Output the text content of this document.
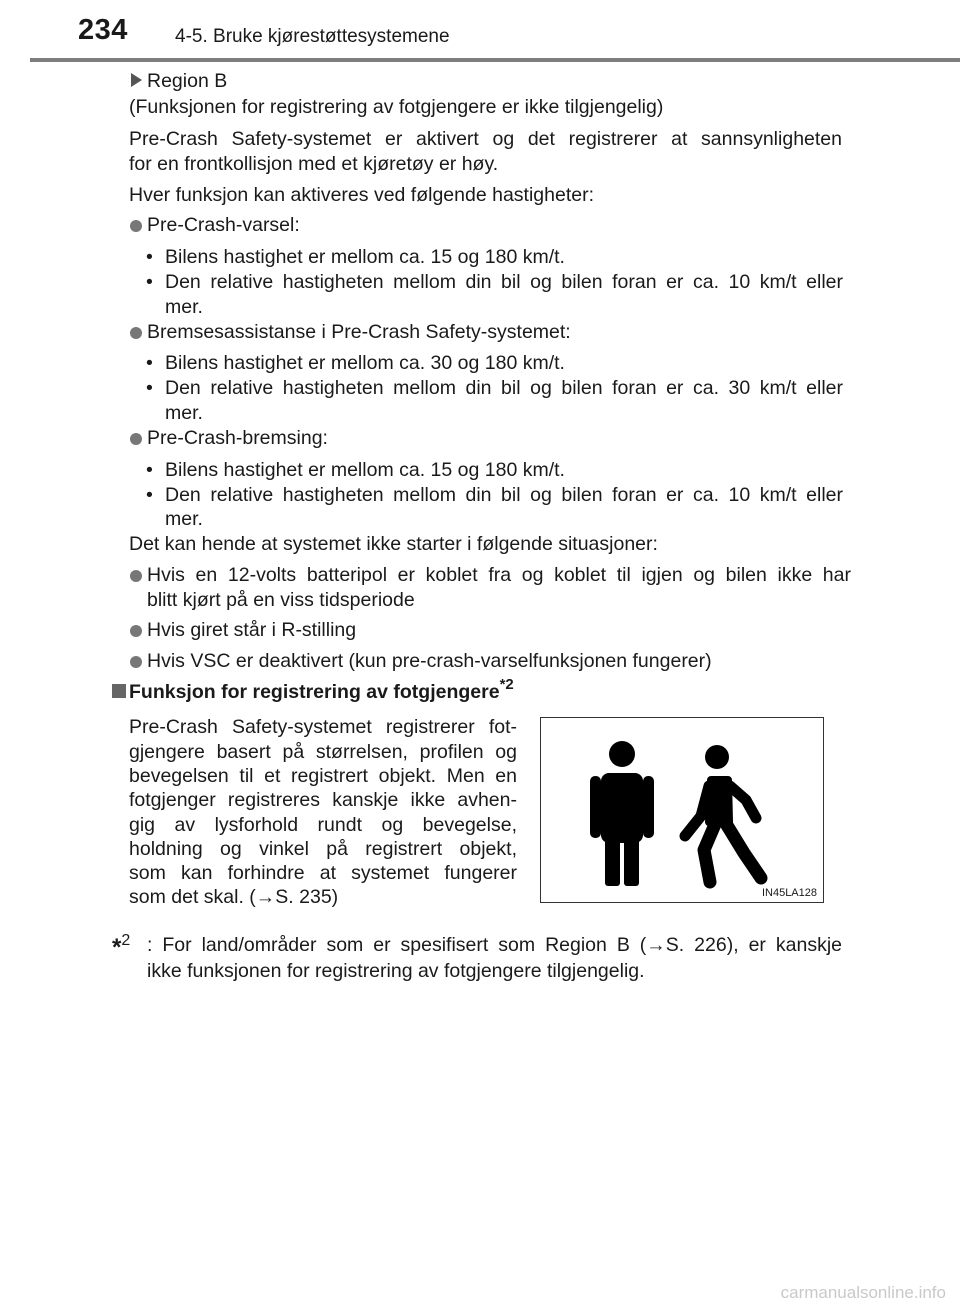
234 4-5. Bruke kjørestøttesystemene
Region B
(Funksjonen for registrering av fotgjengere er ikke tilgjengelig)
Pre-Crash Safety-systemet er aktivert og det registrerer at sannsynligheten
for en frontkollisjon med et kjøretøy er høy.
Hver funksjon kan aktiveres ved følgende hastigheter:
Pre-Crash-varsel:
• Bilens hastighet er mellom ca. 15 og 180 km/t.
• Den relative hastigheten mellom din bil og bilen foran er ca. 10 km/t eller
mer.
Bremsesassistanse i Pre-Crash Safety-systemet:
• Bilens hastighet er mellom ca. 30 og 180 km/t.
• Den relative hastigheten mellom din bil og bilen foran er ca. 30 km/t eller
mer.
Pre-Crash-bremsing:
• Bilens hastighet er mellom ca. 15 og 180 km/t.
• Den relative hastigheten mellom din bil og bilen foran er ca. 10 km/t eller
mer.
Det kan hende at systemet ikke starter i følgende situasjoner:
Hvis en 12-volts batteripol er koblet fra og koblet til igjen og bilen ikke har
blitt kjørt på en viss tidsperiode
Hvis giret står i R-stilling
Hvis VSC er deaktivert (kun pre-crash-varselfunksjonen fungerer)
Funksjon for registrering av fotgjengere$^{*2}$
Pre-Crash Safety-systemet registrerer fot-
gjengere basert på størrelsen, profilen og
bevegelsen til et registrert objekt. Men en
fotgjenger registreres kanskje ikke avhen-
gig av lysforhold rundt og bevegelse,
holdning og vinkel på registrert objekt,
som kan forhindre at systemet fungerer
som det skal. (→S. 235)	IN45LA128
*$^2$ : For land/områder som er spesifisert som Region B (→S. 226), er kanskje
ikke funksjonen for registrering av fotgjengere tilgjengelig.
carmanualsonline.info
